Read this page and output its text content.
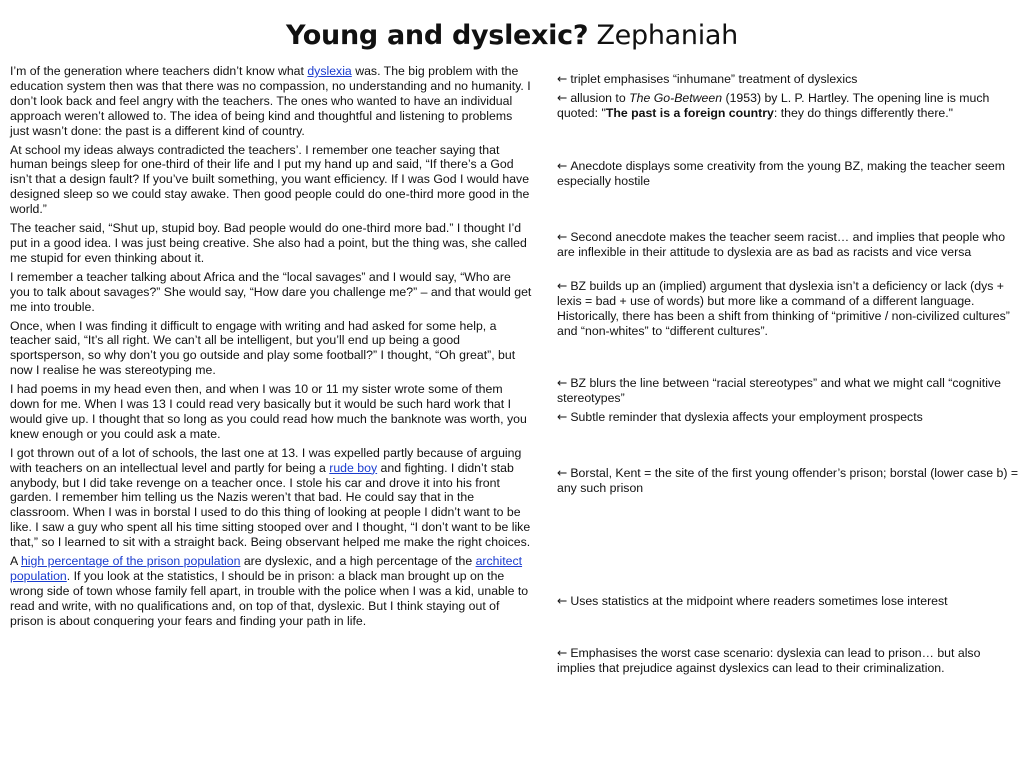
Young and dyslexic? Zephaniah

I’m of the generation where teachers didn’t know what dyslexia was. The big problem with the education system then was that there was no compassion, no understanding and no humanity. I don’t look back and feel angry with the teachers. The ones who wanted to have an individual approach weren’t allowed to. The idea of being kind and thoughtful and listening to problems just wasn’t done: the past is a different kind of country.

At school my ideas always contradicted the teachers’. I remember one teacher saying that human beings sleep for one-third of their life and I put my hand up and said, “If there’s a God isn’t that a design fault? If you’ve built something, you want efficiency. If I was God I would have designed sleep so we could stay awake. Then good people could do one-third more good in the world.”

The teacher said, “Shut up, stupid boy. Bad people would do one-third more bad.” I thought I’d put in a good idea. I was just being creative. She also had a point, but the thing was, she called me stupid for even thinking about it.

I remember a teacher talking about Africa and the “local savages” and I would say, “Who are you to talk about savages?” She would say, “How dare you challenge me?” – and that would get me into trouble.

Once, when I was finding it difficult to engage with writing and had asked for some help, a teacher said, “It’s all right. We can’t all be intelligent, but you’ll end up being a good sportsperson, so why don’t you go outside and play some football?” I thought, “Oh great”, but now I realise he was stereotyping me.

I had poems in my head even then, and when I was 10 or 11 my sister wrote some of them down for me. When I was 13 I could read very basically but it would be such hard work that I would give up. I thought that so long as you could read how much the banknote was worth, you knew enough or you could ask a mate.

I got thrown out of a lot of schools, the last one at 13. I was expelled partly because of arguing with teachers on an intellectual level and partly for being a rude boy and fighting. I didn’t stab anybody, but I did take revenge on a teacher once. I stole his car and drove it into his front garden. I remember him telling us the Nazis weren’t that bad. He could say that in the classroom. When I was in borstal I used to do this thing of looking at people I didn’t want to be like. I saw a guy who spent all his time sitting stooped over and I thought, “I don’t want to be like that,” so I learned to sit with a straight back. Being observant helped me make the right choices.

A high percentage of the prison population are dyslexic, and a high percentage of the architect population. If you look at the statistics, I should be in prison: a black man brought up on the wrong side of town whose family fell apart, in trouble with the police when I was a kid, unable to read and write, with no qualifications and, on top of that, dyslexic. But I think staying out of prison is about conquering your fears and finding your path in life.

← triplet emphasises “inhumane” treatment of dyslexics

← allusion to The Go-Between (1953) by L. P. Hartley. The opening line is much quoted: "The past is a foreign country: they do things differently there."

← Anecdote displays some creativity from the young BZ, making the teacher seem especially hostile

← Second anecdote makes the teacher seem racist… and implies that people who are inflexible in their attitude to dyslexia are as bad as racists and vice versa

← BZ builds up an (implied) argument that dyslexia isn’t a deficiency or lack (dys + lexis = bad + use of words) but more like a command of a different language. Historically, there has been a shift from thinking of “primitive / non-civilized cultures” and “non-whites” to “different cultures”.

← BZ blurs the line between “racial stereotypes” and what we might call “cognitive stereotypes”

← Subtle reminder that dyslexia affects your employment prospects

← Borstal, Kent = the site of the first young offender’s prison; borstal (lower case b) = any such prison

← Uses statistics at the midpoint where readers sometimes lose interest

← Emphasises the worst case scenario: dyslexia can lead to prison… but also implies that prejudice against dyslexics can lead to their criminalization.
